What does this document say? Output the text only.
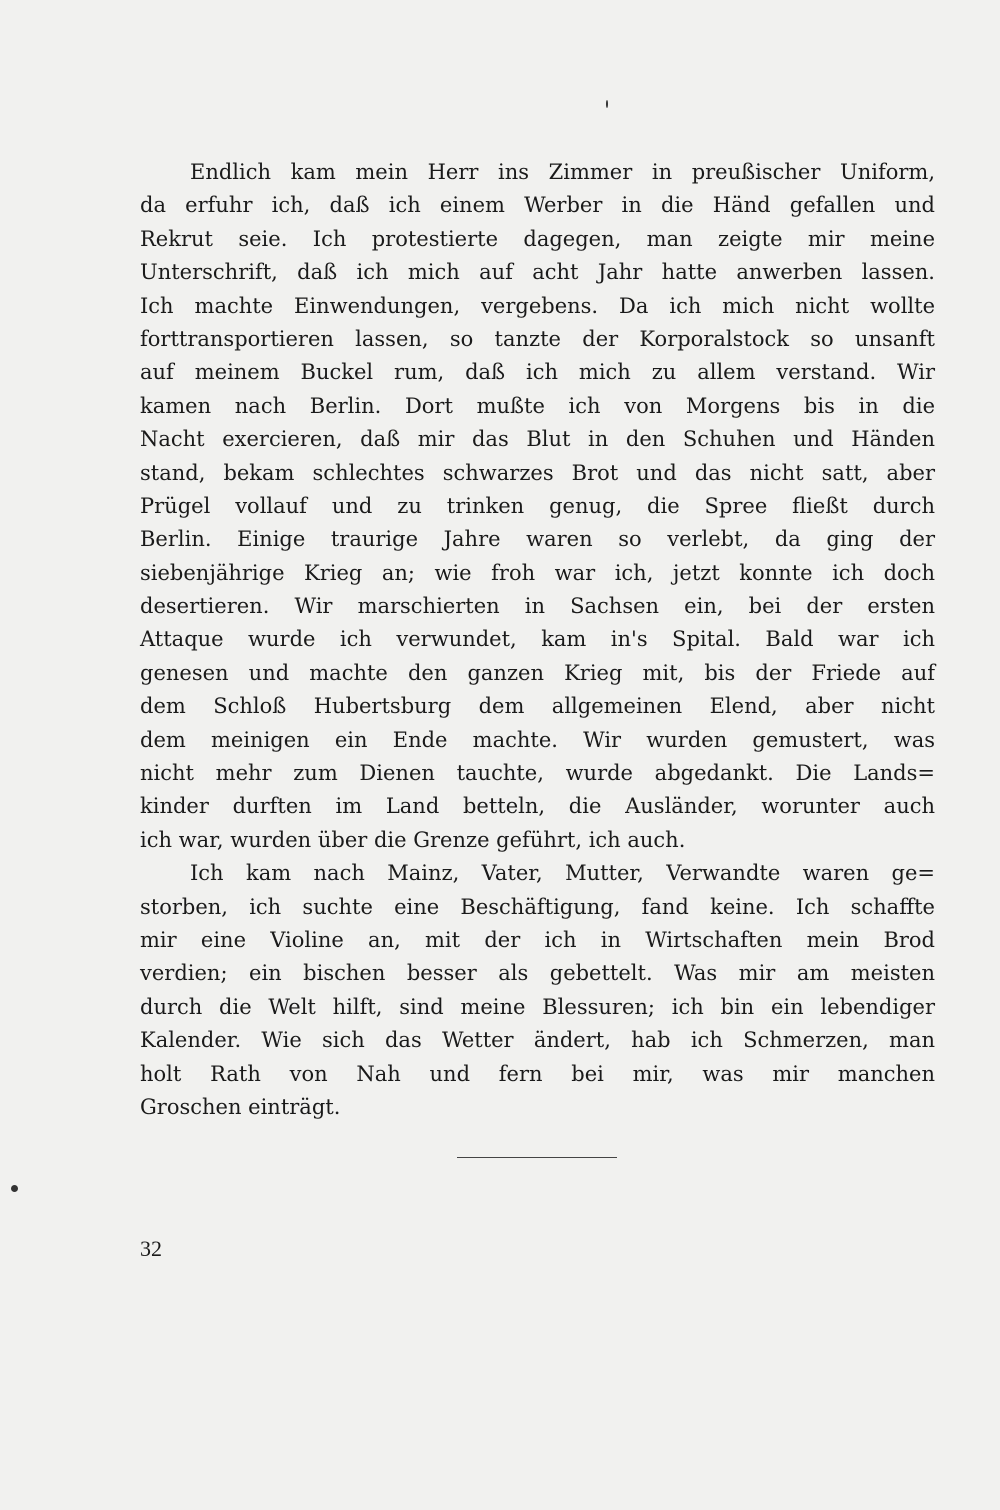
Endlich kam mein Herr ins Zimmer in preußischer Uniform,
da erfuhr ich, daß ich einem Werber in die Händ gefallen und
Rekrut seie. Ich protestierte dagegen, man zeigte mir meine
Unterschrift, daß ich mich auf acht Jahr hatte anwerben lassen.
Ich machte Einwendungen, vergebens. Da ich mich nicht wollte
forttransportieren lassen, so tanzte der Korporalstock so unsanft
auf meinem Buckel rum, daß ich mich zu allem verstand. Wir
kamen nach Berlin. Dort mußte ich von Morgens bis in die
Nacht exercieren, daß mir das Blut in den Schuhen und Händen
stand, bekam schlechtes schwarzes Brot und das nicht satt, aber
Prügel vollauf und zu trinken genug, die Spree fließt durch
Berlin. Einige traurige Jahre waren so verlebt, da ging der
siebenjährige Krieg an; wie froh war ich, jetzt konnte ich doch
desertieren. Wir marschierten in Sachsen ein, bei der ersten
Attaque wurde ich verwundet, kam in's Spital. Bald war ich
genesen und machte den ganzen Krieg mit, bis der Friede auf
dem Schloß Hubertsburg dem allgemeinen Elend, aber nicht
dem meinigen ein Ende machte. Wir wurden gemustert, was
nicht mehr zum Dienen tauchte, wurde abgedankt. Die Lands=
kinder durften im Land betteln, die Ausländer, worunter auch
ich war, wurden über die Grenze geführt, ich auch.
Ich kam nach Mainz, Vater, Mutter, Verwandte waren ge=
storben, ich suchte eine Beschäftigung, fand keine. Ich schaffte
mir eine Violine an, mit der ich in Wirtschaften mein Brod
verdien; ein bischen besser als gebettelt. Was mir am meisten
durch die Welt hilft, sind meine Blessuren; ich bin ein lebendiger
Kalender. Wie sich das Wetter ändert, hab ich Schmerzen, man
holt Rath von Nah und fern bei mir, was mir manchen
Groschen einträgt.
32
